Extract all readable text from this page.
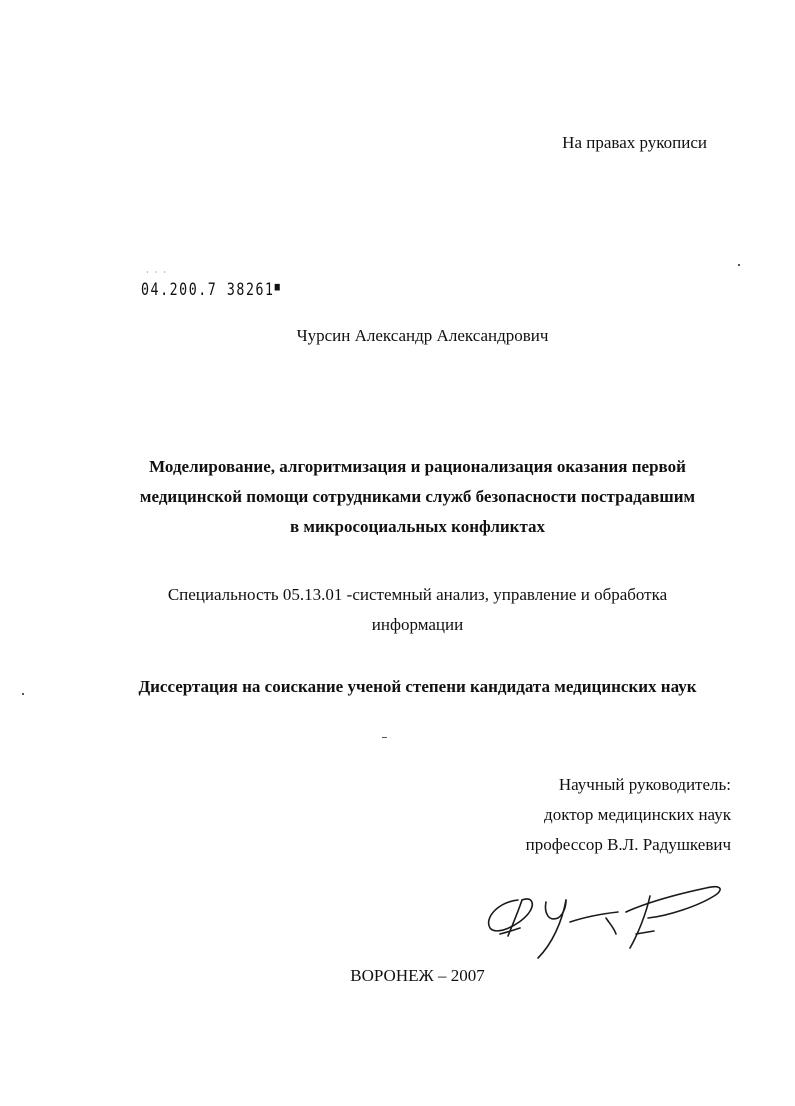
На правах рукописи
· · ·
04.200.7 38261■
Чурсин Александр Александрович
Моделирование, алгоритмизация и рационализация оказания первой
медицинской помощи сотрудниками служб безопасности пострадавшим
в микросоциальных конфликтах
Специальность 05.13.01 -системный анализ, управление и обработка
информации
Диссертация на соискание ученой степени кандидата медицинских наук
Научный руководитель:
доктор медицинских наук
профессор В.Л. Радушкевич
ВОРОНЕЖ – 2007
